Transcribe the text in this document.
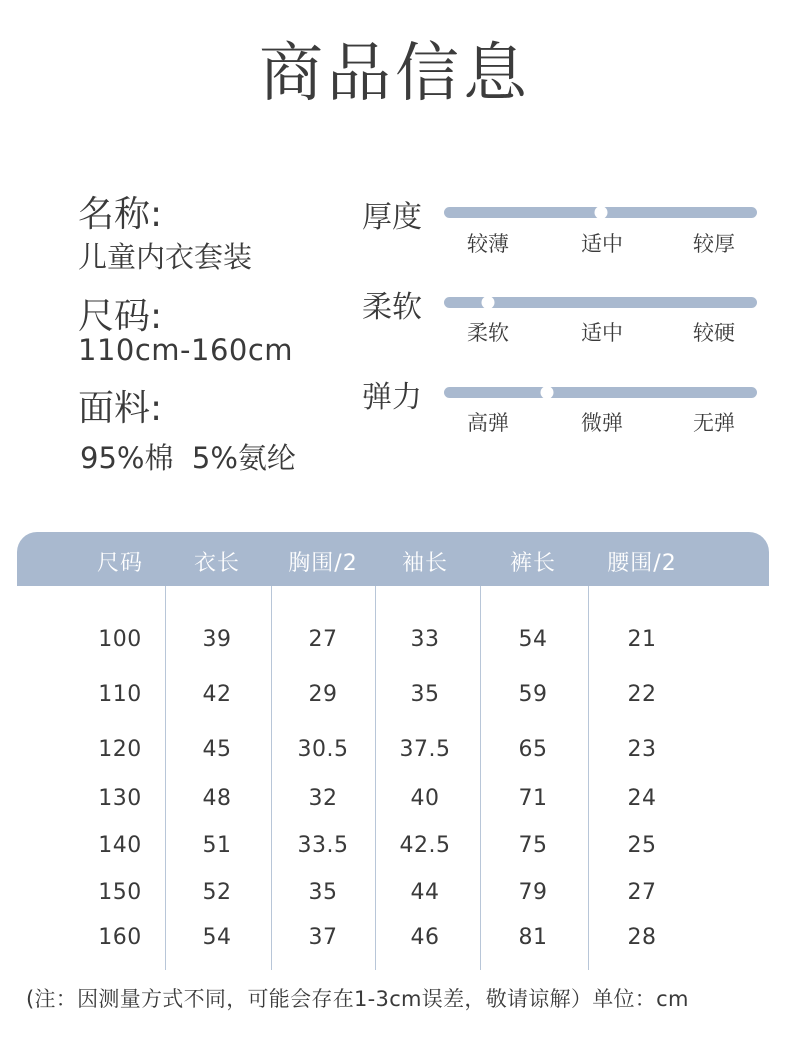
商品信息
名称:
儿童内衣套装
尺码:
110cm-160cm
面料:
95%棉  5%氨纶
厚度
较薄	适中	较厚
柔软
柔软	适中	较硬
弹力
高弹	微弹	无弹
尺码	衣长	胸围/2	袖长	裤长	腰围/2
100	39	27	33	54	21
110	42	29	35	59	22
120	45	30.5	37.5	65	23
130	48	32	40	71	24
140	51	33.5	42.5	75	25
150	52	35	44	79	27
160	54	37	46	81	28
(注：因测量方式不同，可能会存在1-3cm误差，敬请谅解）单位：cm
